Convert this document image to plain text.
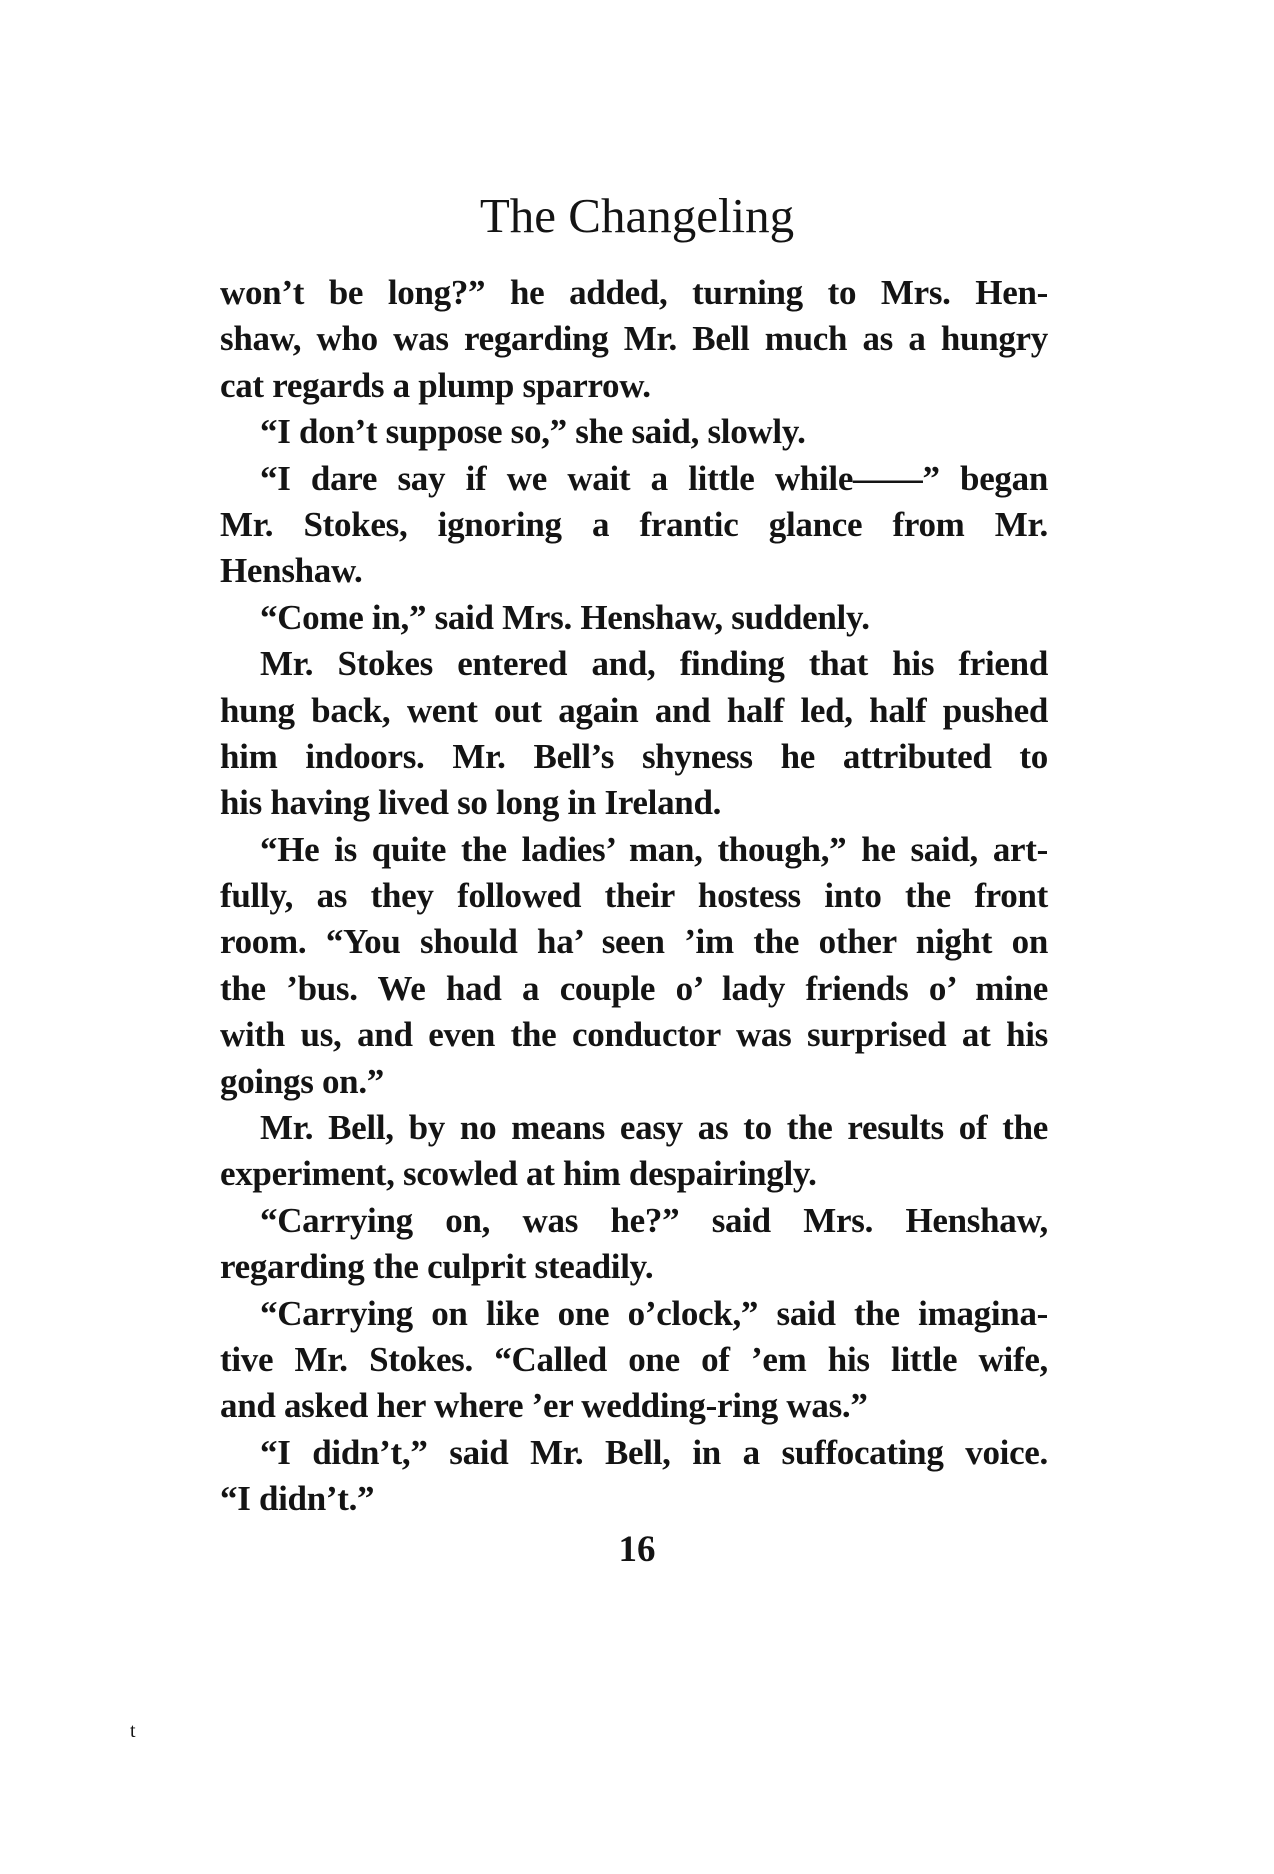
The Changeling
won’t be long?” he added, turning to Mrs. Hen-
shaw, who was regarding Mr. Bell much as a hungry
cat regards a plump sparrow.
“I don’t suppose so,” she said, slowly.
“I dare say if we wait a little while——” began
Mr. Stokes, ignoring a frantic glance from Mr.
Henshaw.
“Come in,” said Mrs. Henshaw, suddenly.
Mr. Stokes entered and, finding that his friend
hung back, went out again and half led, half pushed
him indoors. Mr. Bell’s shyness he attributed to
his having lived so long in Ireland.
“He is quite the ladies’ man, though,” he said, art-
fully, as they followed their hostess into the front
room. “You should ha’ seen ’im the other night on
the ’bus. We had a couple o’ lady friends o’ mine
with us, and even the conductor was surprised at his
goings on.”
Mr. Bell, by no means easy as to the results of the
experiment, scowled at him despairingly.
“Carrying on, was he?” said Mrs. Henshaw,
regarding the culprit steadily.
“Carrying on like one o’clock,” said the imagina-
tive Mr. Stokes. “Called one of ’em his little wife,
and asked her where ’er wedding-ring was.”
“I didn’t,” said Mr. Bell, in a suffocating voice.
“I didn’t.”
16
t
